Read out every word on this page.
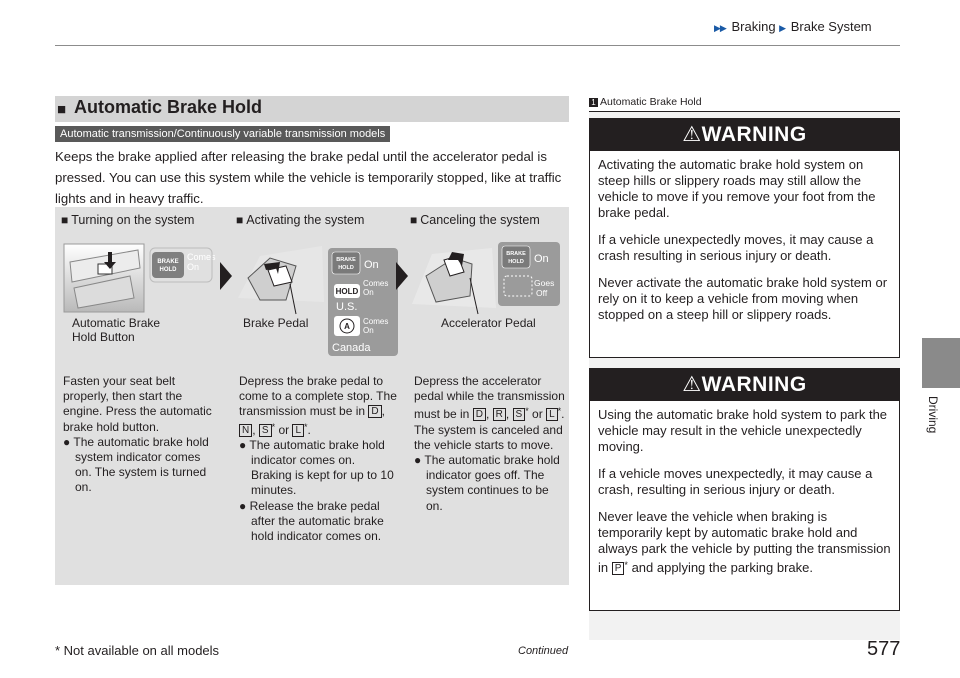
▶▶ Braking ▶ Brake System
Driving
■ Automatic Brake Hold
Automatic transmission/Continuously variable transmission models
Keeps the brake applied after releasing the brake pedal until the accelerator pedal is pressed. You can use this system while the vehicle is temporarily stopped, like at traffic lights and in heavy traffic.
■ Turning on the system	■ Activating the system	■ Canceling the system
BRAKE
HOLD
Comes
On
BRAKE
HOLD On
HOLD
Comes
On
U.S.
A
Comes
On
Canada
BRAKE
HOLD On
Goes
Off
Automatic Brake
Hold Button
Brake Pedal	Accelerator Pedal
Fasten your seat belt properly, then start the engine. Press the automatic brake hold button.
● The automatic brake hold system indicator comes on. The system is turned on.
Depress the brake pedal to come to a complete stop. The transmission must be in D , N , S * or L *.
● The automatic brake hold indicator comes on. Braking is kept for up to 10 minutes.
● Release the brake pedal after the automatic brake hold indicator comes on.
Depress the accelerator pedal while the transmission must be in D , R , S * or L *. The system is canceled and the vehicle starts to move.
● The automatic brake hold indicator goes off. The system continues to be on.
1 Automatic Brake Hold
⚠WARNING

Activating the automatic brake hold system on steep hills or slippery roads may still allow the vehicle to move if you remove your foot from the brake pedal.

If a vehicle unexpectedly moves, it may cause a crash resulting in serious injury or death.

Never activate the automatic brake hold system or rely on it to keep a vehicle from moving when stopped on a steep hill or slippery roads.

⚠WARNING

Using the automatic brake hold system to park the vehicle may result in the vehicle unexpectedly moving.

If a vehicle moves unexpectedly, it may cause a crash, resulting in serious injury or death.

Never leave the vehicle when braking is temporarily kept by automatic brake hold and always park the vehicle by putting the transmission in P * and applying the parking brake.

* Not available on all models	Continued	577
